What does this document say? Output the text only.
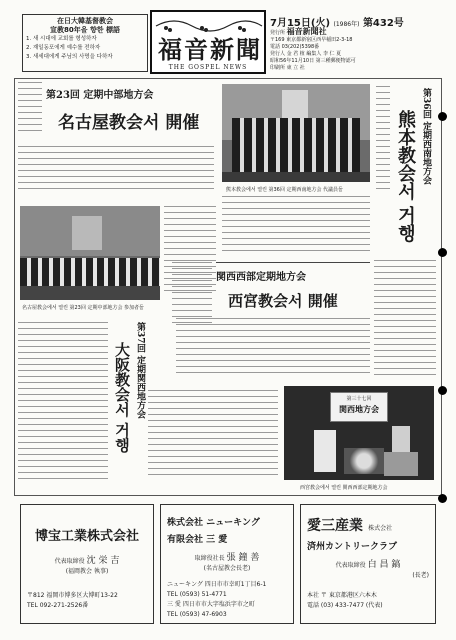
在日大韓基督教会
宣教80年을 향한 標語
1. 새 시대에 교회를 형성하자
2. 재일동포에게 예수를 전하자
3. 새세대에게 주님의 사명을 다하자	福音新聞
THE GOSPEL NEWS
7月15日(火) (1986年) 第432号
発行所 福音新聞社
〒169 東京都新宿区西早稲田2-3-18
電話 03(202)5398番
発行人 金 君 植 編集人 李 仁 夏
昭和56年11月10日 第三種郵便物認可
印刷所 東 立 社
第23回 定期中部地方会
名古屋教会서 開催
名古屋教会에서 열린 第23回 定期中部地方会 参加者들
熊本教会에서 열린 第36回 定期西南地方会 代議員들
第36回 定期西南地方会
熊本教会서 거행
関西西部定期地方会
西宮教会서 開催
第37回 定期関西地方会
大阪教会서 거행	第三十七回
関西地方会
西宮教会에서 열린 関西西部定期地方会
博宝工業株式会社
代表取締役 沈 栄 吉
(福岡教会 執事)
〒812 福岡市博多区大博町13-22
TEL 092-271-2526番
株式会社 ニューキング
有限会社 三 愛
取締役社長 張 鐘 善
(名古屋教会長老)
ニューキング 四日市市幸町1丁目6-1
TEL (0593) 51-4771
三 愛 四日市市大字塩浜字市之町
TEL (0593) 47-6903
愛三産業 株式会社
済州カントリークラブ
代表取締役 白 昌 鎬
(長老)
本社 〒 東京都港区六本木
電話 (03) 433-7477 (代表)
